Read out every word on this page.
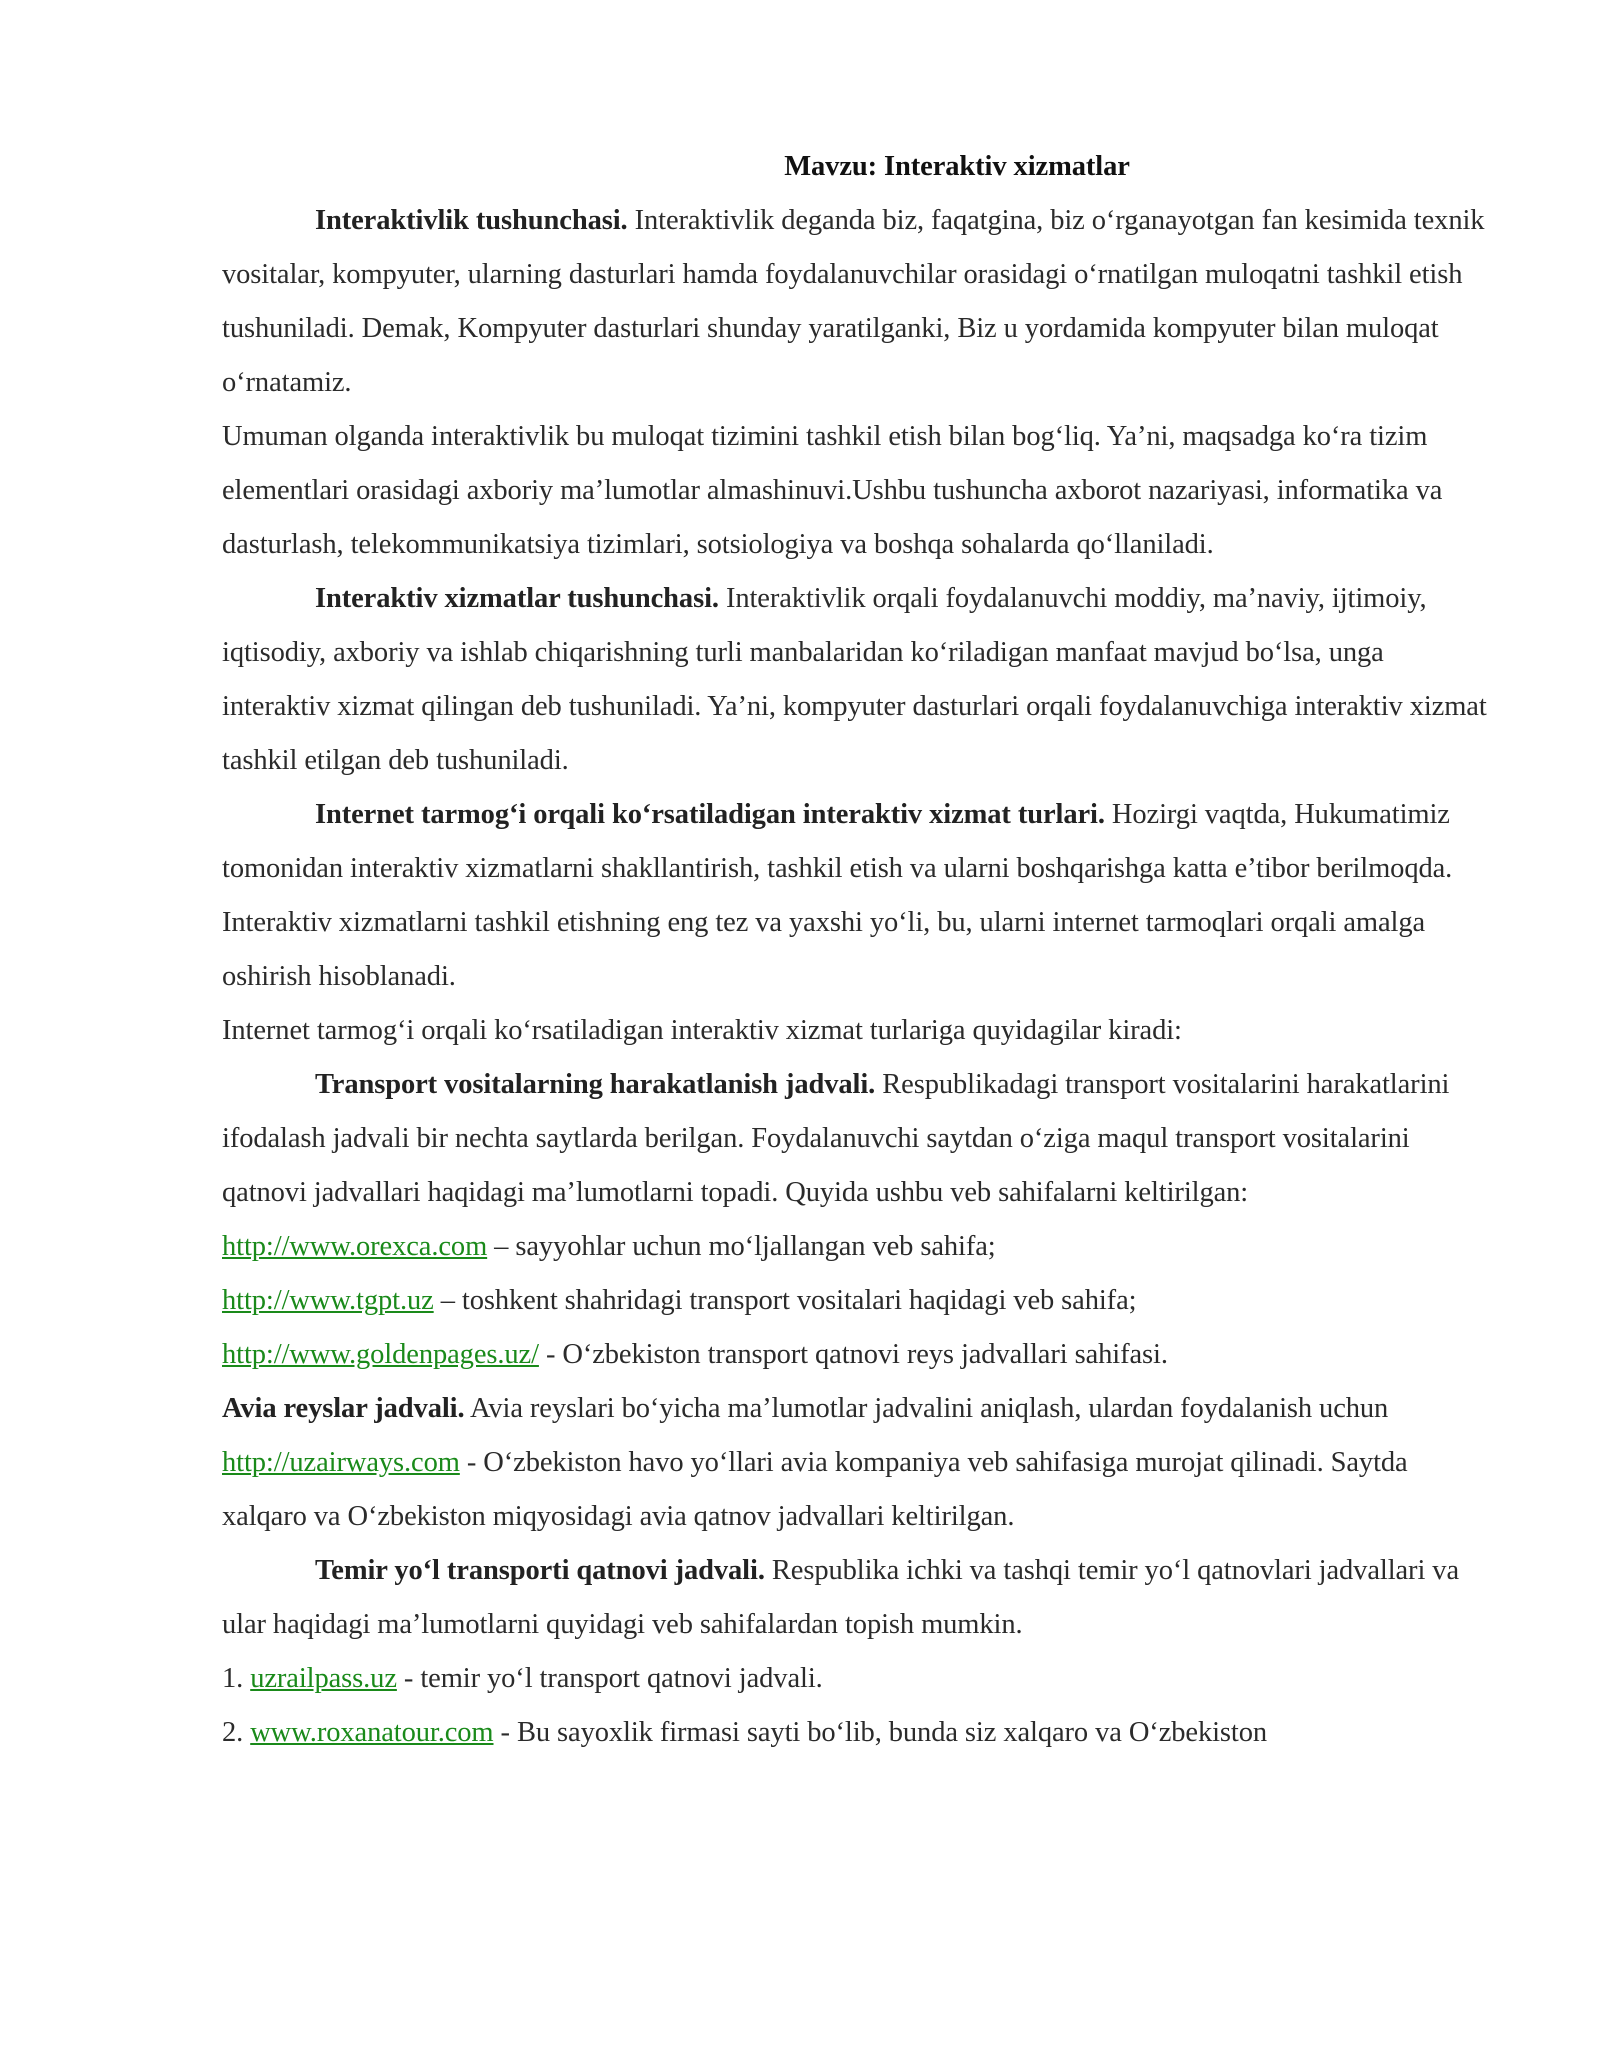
Mavzu: Interaktiv xizmatlar

Interaktivlik tushunchasi. Interaktivlik deganda biz, faqatgina, biz o‘rganayotgan fan kesimida texnik vositalar, kompyuter, ularning dasturlari hamda foydalanuvchilar orasidagi o‘rnatilgan muloqatni tashkil etish tushuniladi. Demak, Kompyuter dasturlari shunday yaratilganki, Biz u yordamida kompyuter bilan muloqat o‘rnatamiz.

Umuman olganda interaktivlik bu muloqat tizimini tashkil etish bilan bog‘liq. Ya’ni, maqsadga ko‘ra tizim elementlari orasidagi axboriy ma’lumotlar almashinuvi.Ushbu tushuncha axborot nazariyasi, informatika va dasturlash, telekommunikatsiya tizimlari, sotsiologiya va boshqa sohalarda qo‘llaniladi.

Interaktiv xizmatlar tushunchasi. Interaktivlik orqali foydalanuvchi moddiy, ma’naviy, ijtimoiy, iqtisodiy, axboriy va ishlab chiqarishning turli manbalaridan ko‘riladigan manfaat mavjud bo‘lsa, unga interaktiv xizmat qilingan deb tushuniladi. Ya’ni, kompyuter dasturlari orqali foydalanuvchiga interaktiv xizmat tashkil etilgan deb tushuniladi.

Internet tarmog‘i orqali ko‘rsatiladigan interaktiv xizmat turlari. Hozirgi vaqtda, Hukumatimiz tomonidan interaktiv xizmatlarni shakllantirish, tashkil etish va ularni boshqarishga katta e’tibor berilmoqda. Interaktiv xizmatlarni tashkil etishning eng tez va yaxshi yo‘li, bu, ularni internet tarmoqlari orqali amalga oshirish hisoblanadi.

Internet tarmog‘i orqali ko‘rsatiladigan interaktiv xizmat turlariga quyidagilar kiradi:

Transport vositalarning harakatlanish jadvali. Respublikadagi transport vositalarini harakatlarini ifodalash jadvali bir nechta saytlarda berilgan. Foydalanuvchi saytdan o‘ziga maqul transport vositalarini qatnovi jadvallari haqidagi ma’lumotlarni topadi. Quyida ushbu veb sahifalarni keltirilgan:

http://www.orexca.com – sayyohlar uchun mo‘ljallangan veb sahifa;

http://www.tgpt.uz – toshkent shahridagi transport vositalari haqidagi veb sahifa;

http://www.goldenpages.uz/ - O‘zbekiston transport qatnovi reys jadvallari sahifasi.

Avia reyslar jadvali. Avia reyslari bo‘yicha ma’lumotlar jadvalini aniqlash, ulardan foydalanish uchun http://uzairways.com - O‘zbekiston havo yo‘llari avia kompaniya veb sahifasiga murojat qilinadi. Saytda xalqaro va O‘zbekiston miqyosidagi avia qatnov jadvallari keltirilgan.

Temir yo‘l transporti qatnovi jadvali. Respublika ichki va tashqi temir yo‘l qatnovlari jadvallari va ular haqidagi ma’lumotlarni quyidagi veb sahifalardan topish mumkin.

1. uzrailpass.uz - temir yo‘l transport qatnovi jadvali.

2. www.roxanatour.com - Bu sayoxlik firmasi sayti bo‘lib, bunda siz xalqaro va O‘zbekiston
